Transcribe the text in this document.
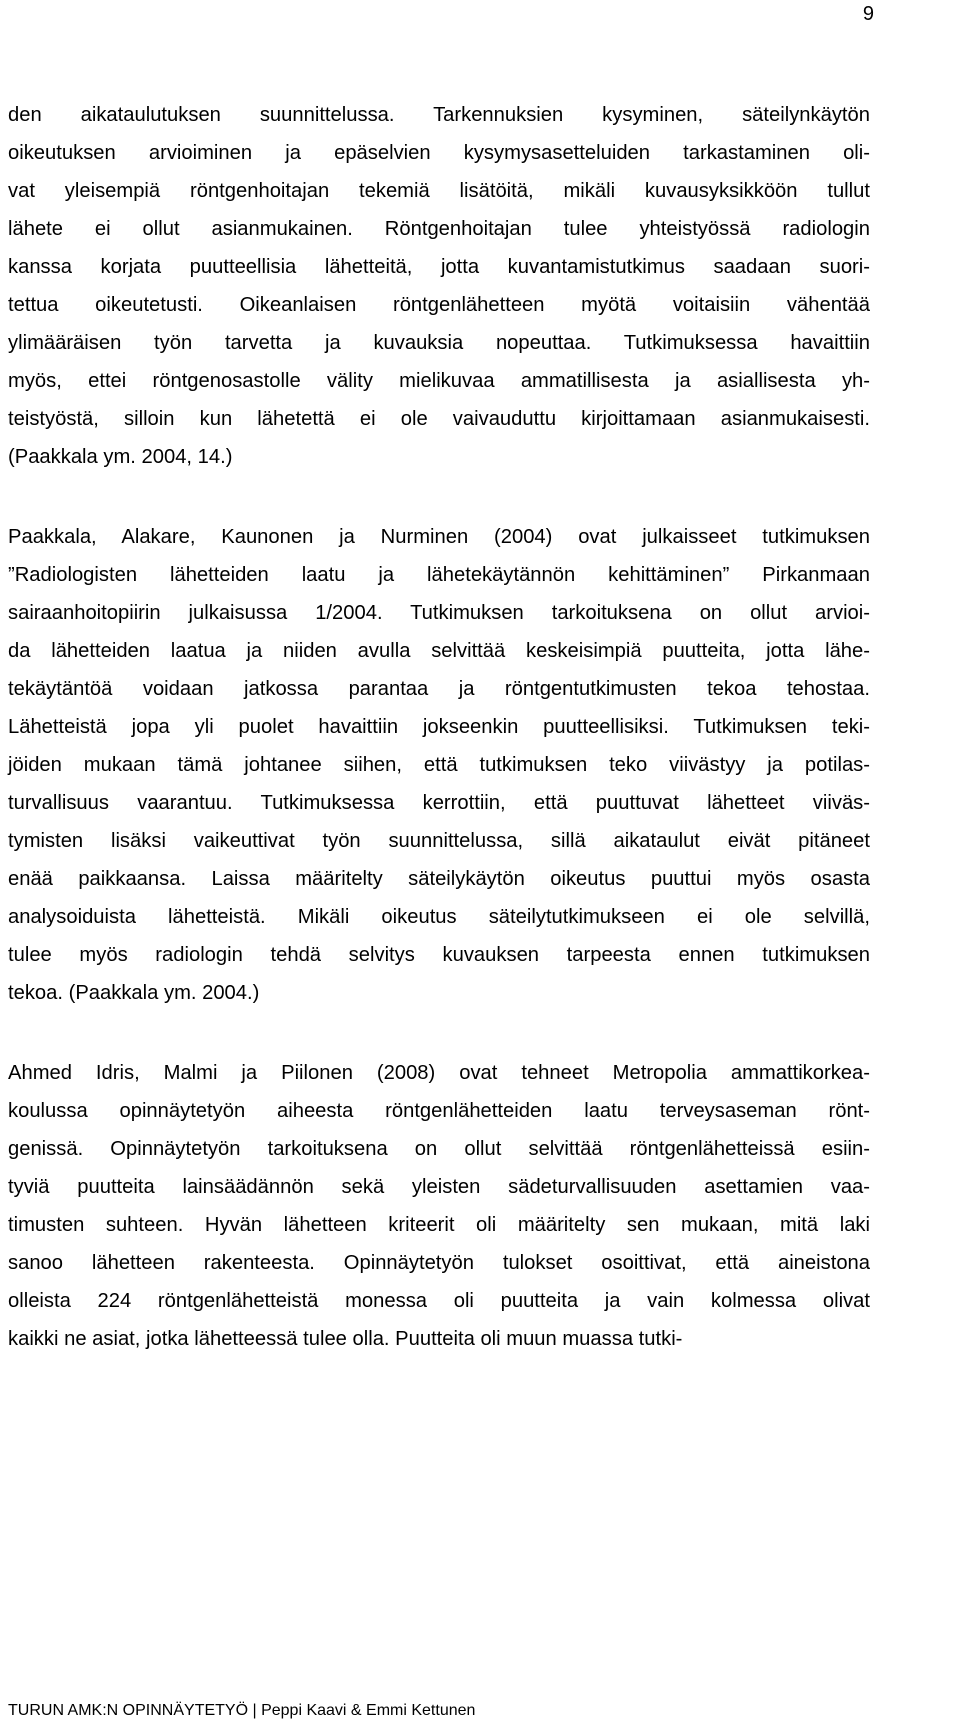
9
den aikataulutuksen suunnittelussa. Tarkennuksien kysyminen, säteilynkäytön
oikeutuksen arvioiminen ja epäselvien kysymysasetteluiden tarkastaminen oli-
vat yleisempiä röntgenhoitajan tekemiä lisätöitä, mikäli kuvausyksikköön tullut
lähete ei ollut asianmukainen. Röntgenhoitajan tulee yhteistyössä radiologin
kanssa korjata puutteellisia lähetteitä, jotta kuvantamistutkimus saadaan suori-
tettua oikeutetusti. Oikeanlaisen röntgenlähetteen myötä voitaisiin vähentää
ylimääräisen työn tarvetta ja kuvauksia nopeuttaa. Tutkimuksessa havaittiin
myös, ettei röntgenosastolle välity mielikuvaa ammatillisesta ja asiallisesta yh-
teistyöstä, silloin kun lähetettä ei ole vaivauduttu kirjoittamaan asianmukaisesti.
(Paakkala ym. 2004, 14.)
Paakkala, Alakare, Kaunonen ja Nurminen (2004) ovat julkaisseet tutkimuksen
”Radiologisten lähetteiden laatu ja lähetekäytännön kehittäminen” Pirkanmaan
sairaanhoitopiirin julkaisussa 1/2004. Tutkimuksen tarkoituksena on ollut arvioi-
da lähetteiden laatua ja niiden avulla selvittää keskeisimpiä puutteita, jotta lähe-
tekäytäntöä voidaan jatkossa parantaa ja röntgentutkimusten tekoa tehostaa.
Lähetteistä jopa yli puolet havaittiin jokseenkin puutteellisiksi. Tutkimuksen teki-
jöiden mukaan tämä johtanee siihen, että tutkimuksen teko viivästyy ja potilas-
turvallisuus vaarantuu. Tutkimuksessa kerrottiin, että puuttuvat lähetteet viiväs-
tymisten lisäksi vaikeuttivat työn suunnittelussa, sillä aikataulut eivät pitäneet
enää paikkaansa. Laissa määritelty säteilykäytön oikeutus puuttui myös osasta
analysoiduista lähetteistä. Mikäli oikeutus säteilytutkimukseen ei ole selvillä,
tulee myös radiologin tehdä selvitys kuvauksen tarpeesta ennen tutkimuksen
tekoa. (Paakkala ym. 2004.)
Ahmed Idris, Malmi ja Piilonen (2008) ovat tehneet Metropolia ammattikorkea-
koulussa opinnäytetyön aiheesta röntgenlähetteiden laatu terveysaseman rönt-
genissä. Opinnäytetyön tarkoituksena on ollut selvittää röntgenlähetteissä esiin-
tyviä puutteita lainsäädännön sekä yleisten sädeturvallisuuden asettamien vaa-
timusten suhteen. Hyvän lähetteen kriteerit oli määritelty sen mukaan, mitä laki
sanoo lähetteen rakenteesta. Opinnäytetyön tulokset osoittivat, että aineistona
olleista 224 röntgenlähetteistä monessa oli puutteita ja vain kolmessa olivat
kaikki ne asiat, jotka lähetteessä tulee olla. Puutteita oli muun muassa tutki-
TURUN AMK:N OPINNÄYTETYÖ | Peppi Kaavi & Emmi Kettunen
